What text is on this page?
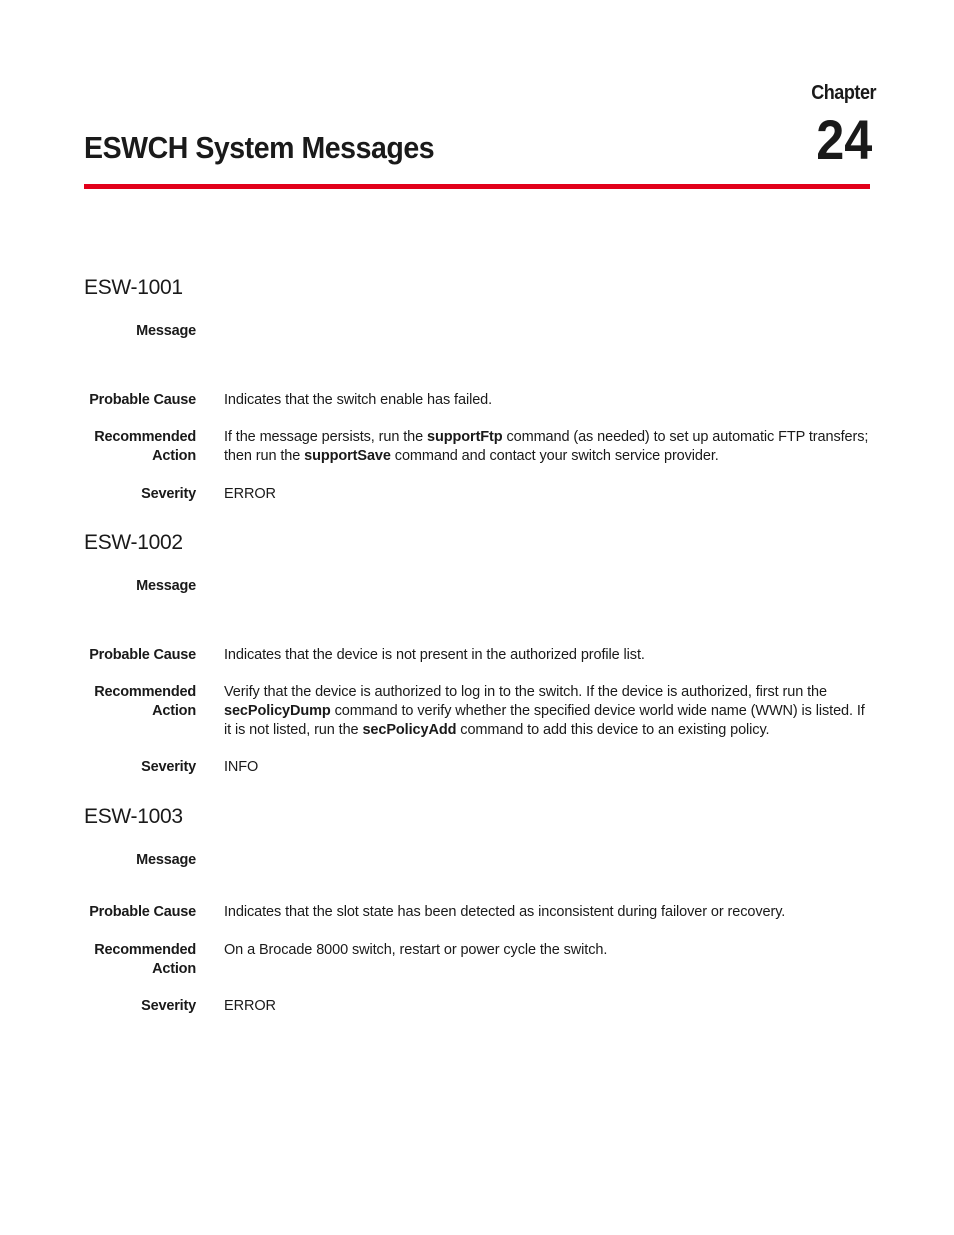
Chapter
24
ESWCH System Messages
ESW-1001
Message
Probable Cause Indicates that the switch enable has failed.
Recommended
Action
If the message persists, run the supportFtp command (as needed) to set up automatic FTP transfers; then run the supportSave command and contact your switch service provider.
Severity ERROR
ESW-1002
Message
Probable Cause Indicates that the device is not present in the authorized profile list.
Recommended
Action
Verify that the device is authorized to log in to the switch. If the device is authorized, first run the secPolicyDump command to verify whether the specified device world wide name (WWN) is listed. If it is not listed, run the secPolicyAdd command to add this device to an existing policy.
Severity INFO
ESW-1003
Message
Probable Cause Indicates that the slot state has been detected as inconsistent during failover or recovery.
Recommended
Action
On a Brocade 8000 switch, restart or power cycle the switch.
Severity ERROR
